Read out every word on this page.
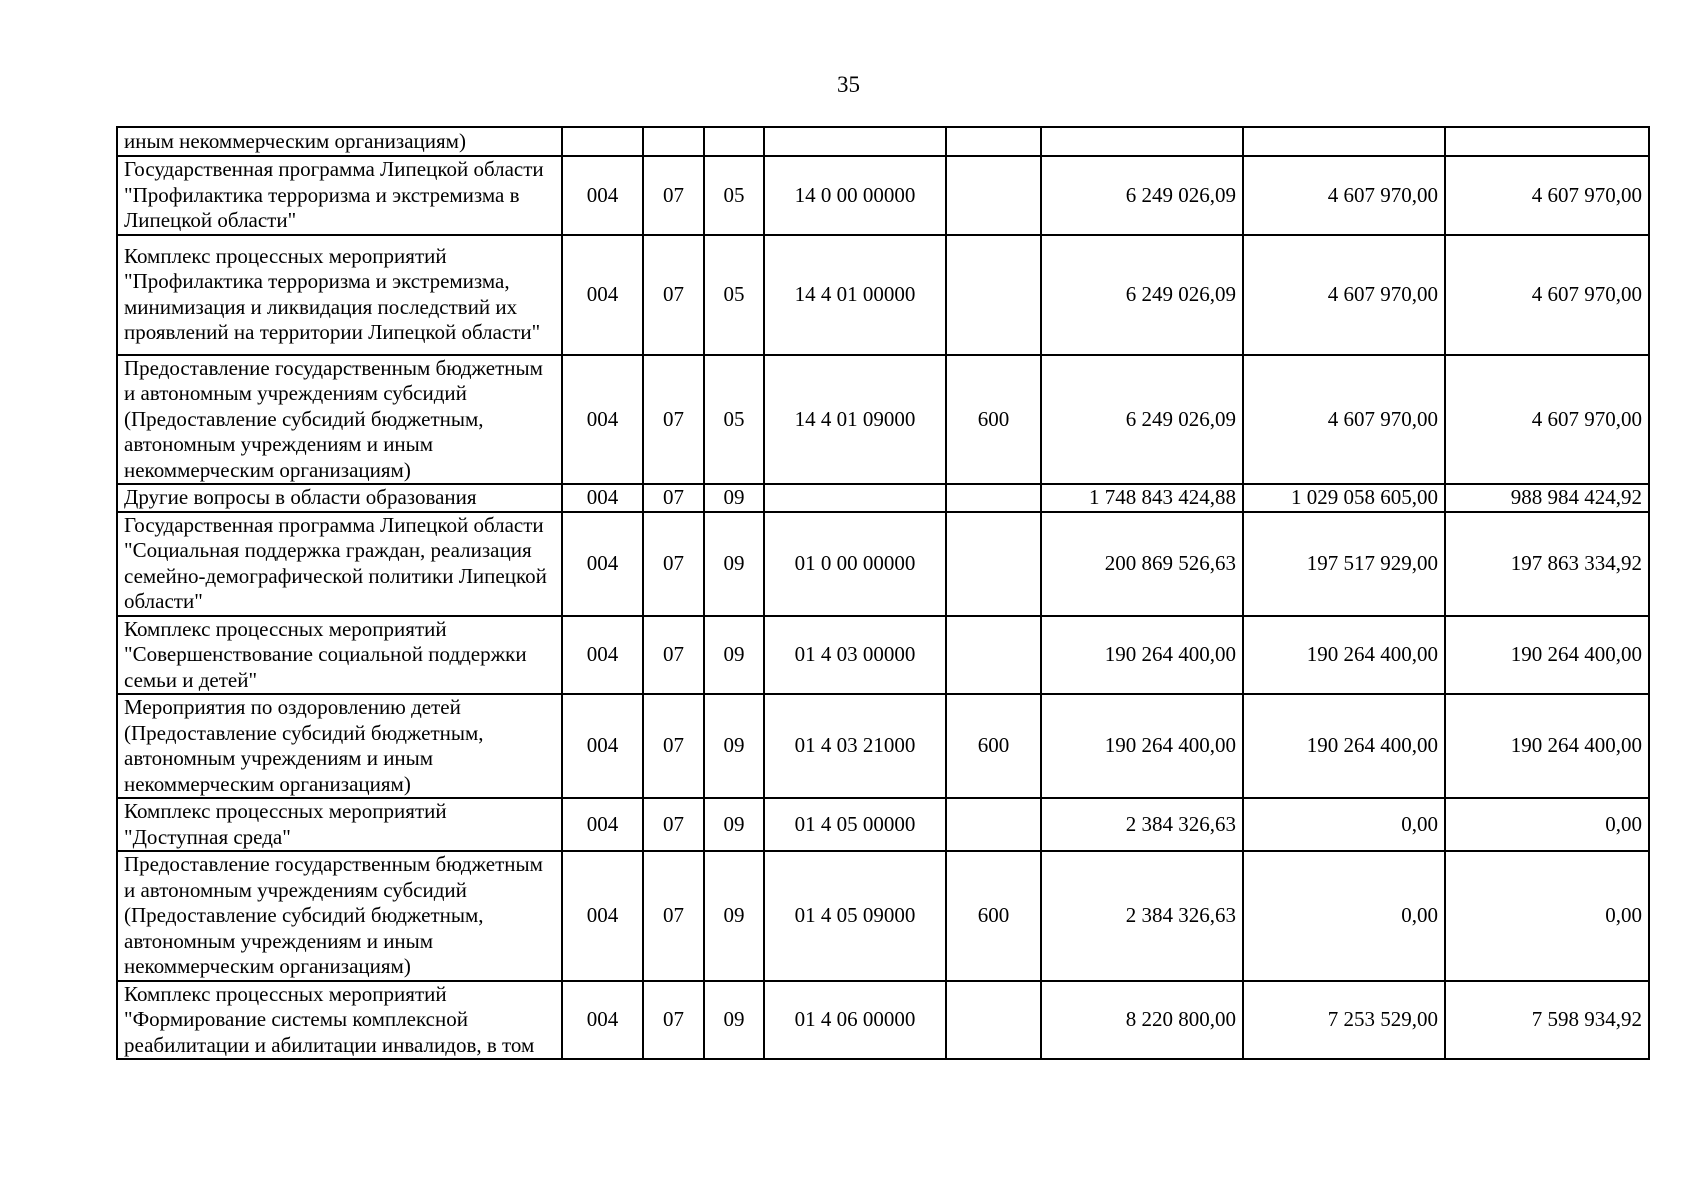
35
иным некоммерческим организациям)								
Государственная программа Липецкой области "Профилактика терроризма и экстремизма в Липецкой области"	004	07	05	14 0 00 00000		6 249 026,09	4 607 970,00	4 607 970,00
Комплекс процессных мероприятий "Профилактика терроризма и экстремизма, минимизация и ликвидация последствий их проявлений на территории Липецкой области"	004	07	05	14 4 01 00000		6 249 026,09	4 607 970,00	4 607 970,00
Предоставление государственным бюджетным и автономным учреждениям субсидий (Предоставление субсидий бюджетным, автономным учреждениям и иным некоммерческим организациям)	004	07	05	14 4 01 09000	600	6 249 026,09	4 607 970,00	4 607 970,00
Другие вопросы в области образования	004	07	09			1 748 843 424,88	1 029 058 605,00	988 984 424,92
Государственная программа Липецкой области "Социальная поддержка граждан, реализация семейно-демографической политики Липецкой области"	004	07	09	01 0 00 00000		200 869 526,63	197 517 929,00	197 863 334,92
Комплекс процессных мероприятий "Совершенствование социальной поддержки семьи и детей"	004	07	09	01 4 03 00000		190 264 400,00	190 264 400,00	190 264 400,00
Мероприятия по оздоровлению детей (Предоставление субсидий бюджетным, автономным учреждениям и иным некоммерческим организациям)	004	07	09	01 4 03 21000	600	190 264 400,00	190 264 400,00	190 264 400,00
Комплекс процессных мероприятий "Доступная среда"	004	07	09	01 4 05 00000		2 384 326,63	0,00	0,00
Предоставление государственным бюджетным и автономным учреждениям субсидий (Предоставление субсидий бюджетным, автономным учреждениям и иным некоммерческим организациям)	004	07	09	01 4 05 09000	600	2 384 326,63	0,00	0,00
Комплекс процессных мероприятий "Формирование системы комплексной реабилитации и абилитации инвалидов, в том	004	07	09	01 4 06 00000		8 220 800,00	7 253 529,00	7 598 934,92
